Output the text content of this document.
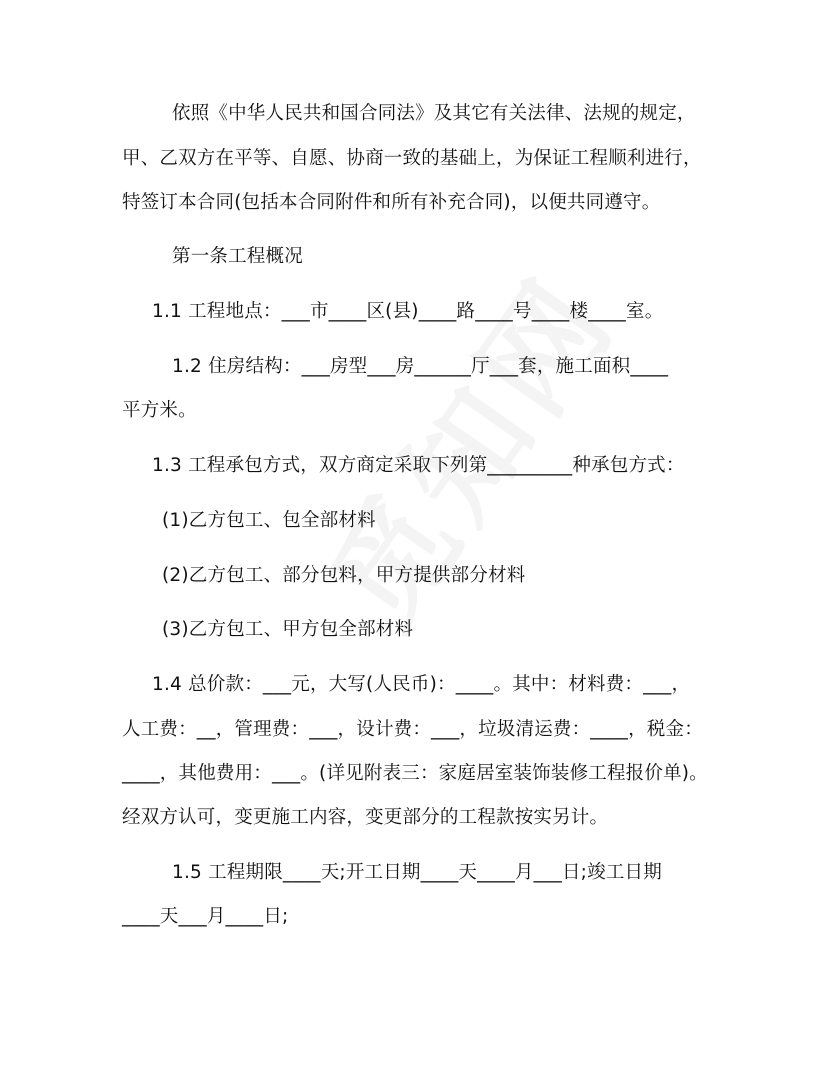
依照《中华人民共和国合同法》及其它有关法律、法规的规定，
甲、乙双方在平等、自愿、协商一致的基础上，为保证工程顺利进行，
特签订本合同(包括本合同附件和所有补充合同)，以便共同遵守。
第一条工程概况
1.1 工程地点：___市____区(县)____路____号____楼____室。
1.2 住房结构：___房型___房______厅___套，施工面积____
平方米。
1.3 工程承包方式，双方商定采取下列第_________种承包方式：
(1)乙方包工、包全部材料
(2)乙方包工、部分包料，甲方提供部分材料
(3)乙方包工、甲方包全部材料
1.4 总价款：___元，大写(人民币)：____。其中：材料费：___，
人工费：__，管理费：___，设计费：___，垃圾清运费：____，税金：
____，其他费用：___。(详见附表三：家庭居室装饰装修工程报价单)。
经双方认可，变更施工内容，变更部分的工程款按实另计。
1.5 工程期限____天;开工日期____天____月___日;竣工日期
____天___月____日;
